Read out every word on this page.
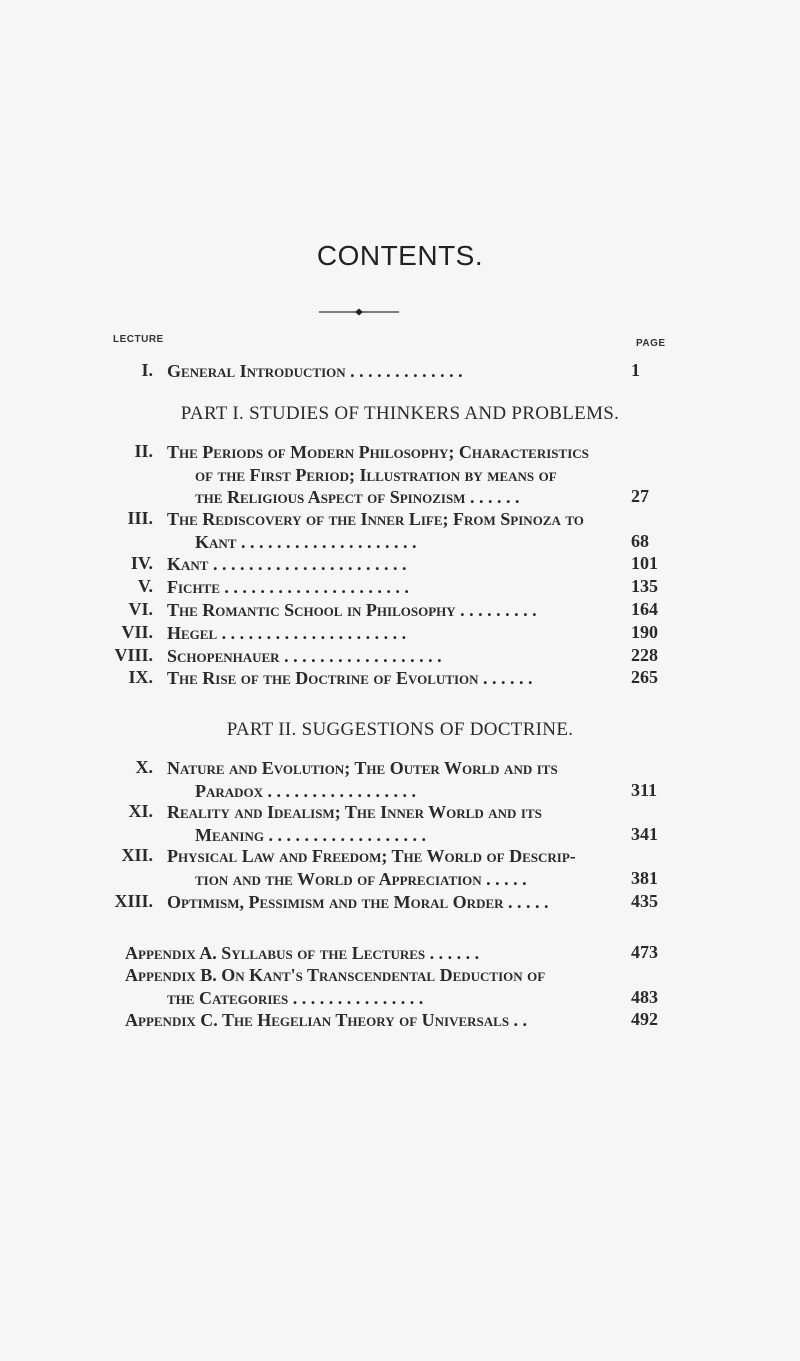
CONTENTS.
LECTURE	PAGE
I. General Introduction . . . . . . . . . . . . .	1
PART I. STUDIES OF THINKERS AND PROBLEMS.
II. The Periods of Modern Philosophy; Characteristics
of the First Period; Illustration by means of
the Religious Aspect of Spinozism . . . . . .	27
III. The Rediscovery of the Inner Life; From Spinoza to
Kant . . . . . . . . . . . . . . . . . . . .	68
IV. Kant . . . . . . . . . . . . . . . . . . . . . .	101
V. Fichte . . . . . . . . . . . . . . . . . . . . .	135
VI. The Romantic School in Philosophy . . . . . . . . .	164
VII. Hegel . . . . . . . . . . . . . . . . . . . . .	190
VIII. Schopenhauer . . . . . . . . . . . . . . . . . .	228
IX. The Rise of the Doctrine of Evolution . . . . . .	265
X. Nature and Evolution; The Outer World and its
Paradox . . . . . . . . . . . . . . . . .	311
XI. Reality and Idealism; The Inner World and its
Meaning . . . . . . . . . . . . . . . . . .	341
XII. Physical Law and Freedom; The World of Descrip-
tion and the World of Appreciation . . . . .	381
XIII. Optimism, Pessimism and the Moral Order . . . . .	435
PART II. SUGGESTIONS OF DOCTRINE.
Appendix A. Syllabus of the Lectures . . . . . .	473
Appendix B. On Kant's Transcendental Deduction of
the Categories . . . . . . . . . . . . . . .	483
Appendix C. The Hegelian Theory of Universals . .	492
